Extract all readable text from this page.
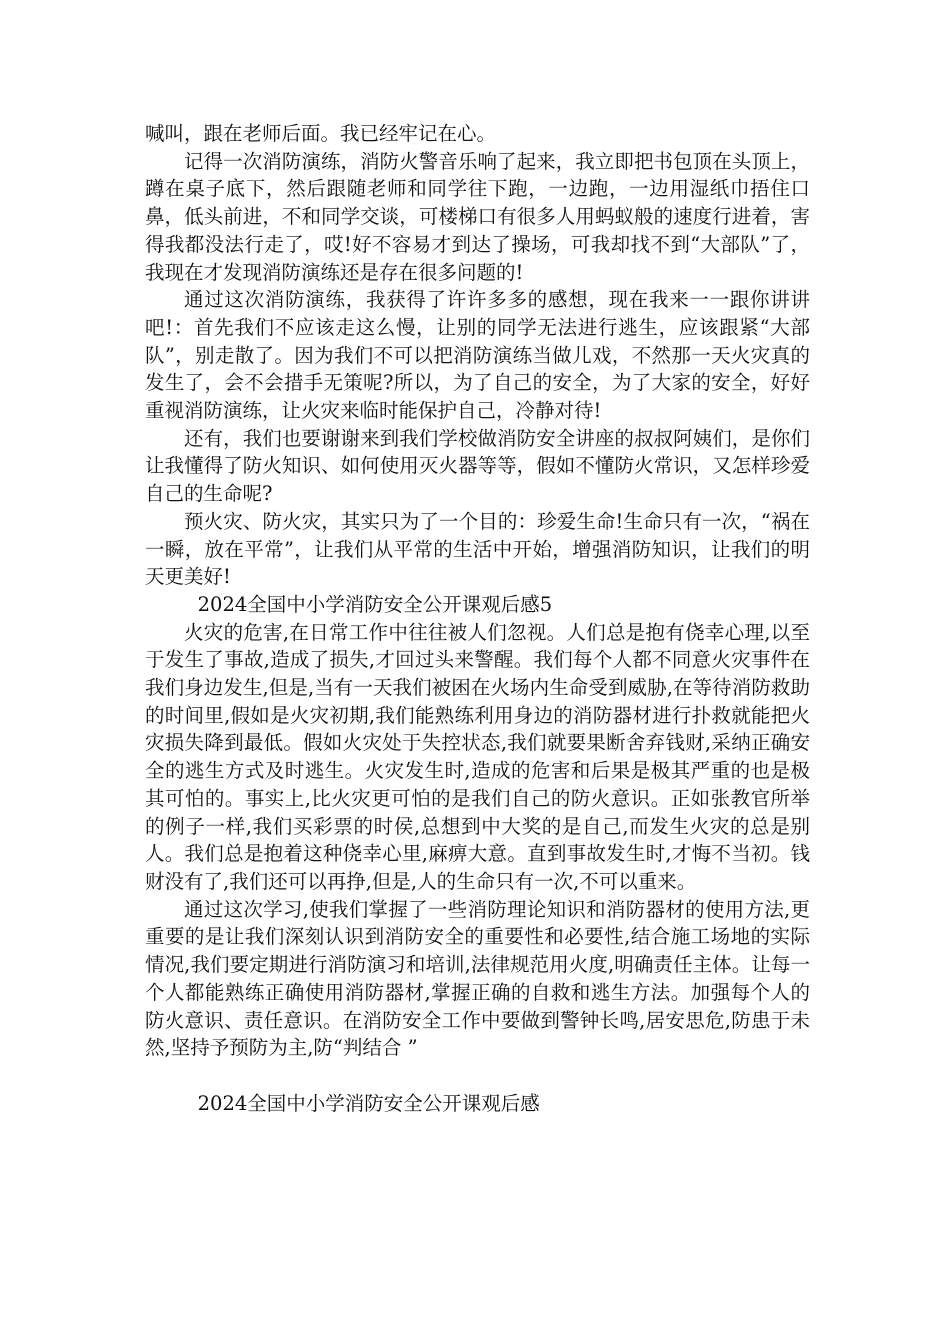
喊叫，跟在老师后面。我已经牢记在心。

记得一次消防演练，消防火警音乐响了起来，我立即把书包顶在头顶上，蹲在桌子底下，然后跟随老师和同学往下跑，一边跑，一边用湿纸巾捂住口鼻，低头前进，不和同学交谈，可楼梯口有很多人用蚂蚁般的速度行进着，害得我都没法行走了，哎!好不容易才到达了操场，可我却找不到“大部队”了，我现在才发现消防演练还是存在很多问题的!

通过这次消防演练，我获得了许许多多的感想，现在我来一一跟你讲讲吧!：首先我们不应该走这么慢，让别的同学无法进行逃生，应该跟紧“大部队”，别走散了。因为我们不可以把消防演练当做儿戏，不然那一天火灾真的发生了，会不会措手无策呢?所以，为了自己的安全，为了大家的安全，好好重视消防演练，让火灾来临时能保护自己，冷静对待!

还有，我们也要谢谢来到我们学校做消防安全讲座的叔叔阿姨们，是你们让我懂得了防火知识、如何使用灭火器等等，假如不懂防火常识，又怎样珍爱自己的生命呢?

预火灾、防火灾，其实只为了一个目的：珍爱生命!生命只有一次，“祸在一瞬，放在平常”，让我们从平常的生活中开始，增强消防知识，让我们的明天更美好!

2024全国中小学消防安全公开课观后感5

火灾的危害,在日常工作中往往被人们忽视。人们总是抱有侥幸心理,以至于发生了事故,造成了损失,才回过头来警醒。我们每个人都不同意火灾事件在我们身边发生,但是,当有一天我们被困在火场内生命受到威胁,在等待消防救助的时间里,假如是火灾初期,我们能熟练利用身边的消防器材进行扑救就能把火灾损失降到最低。假如火灾处于失控状态,我们就要果断舍弃钱财,采纳正确安全的逃生方式及时逃生。火灾发生时,造成的危害和后果是极其严重的也是极其可怕的。事实上,比火灾更可怕的是我们自己的防火意识。正如张教官所举的例子一样,我们买彩票的时侯,总想到中大奖的是自己,而发生火灾的总是别人。我们总是抱着这种侥幸心里,麻痹大意。直到事故发生时,才悔不当初。钱财没有了,我们还可以再挣,但是,人的生命只有一次,不可以重来。

通过这次学习,使我们掌握了一些消防理论知识和消防器材的使用方法,更重要的是让我们深刻认识到消防安全的重要性和必要性,结合施工场地的实际情况,我们要定期进行消防演习和培训,法律规范用火度,明确责任主体。让每一个人都能熟练正确使用消防器材,掌握正确的自救和逃生方法。加强每个人的防火意识、责任意识。在消防安全工作中要做到警钟长鸣,居安思危,防患于未然,坚持予预防为主,防“判结合 ”

2024全国中小学消防安全公开课观后感
